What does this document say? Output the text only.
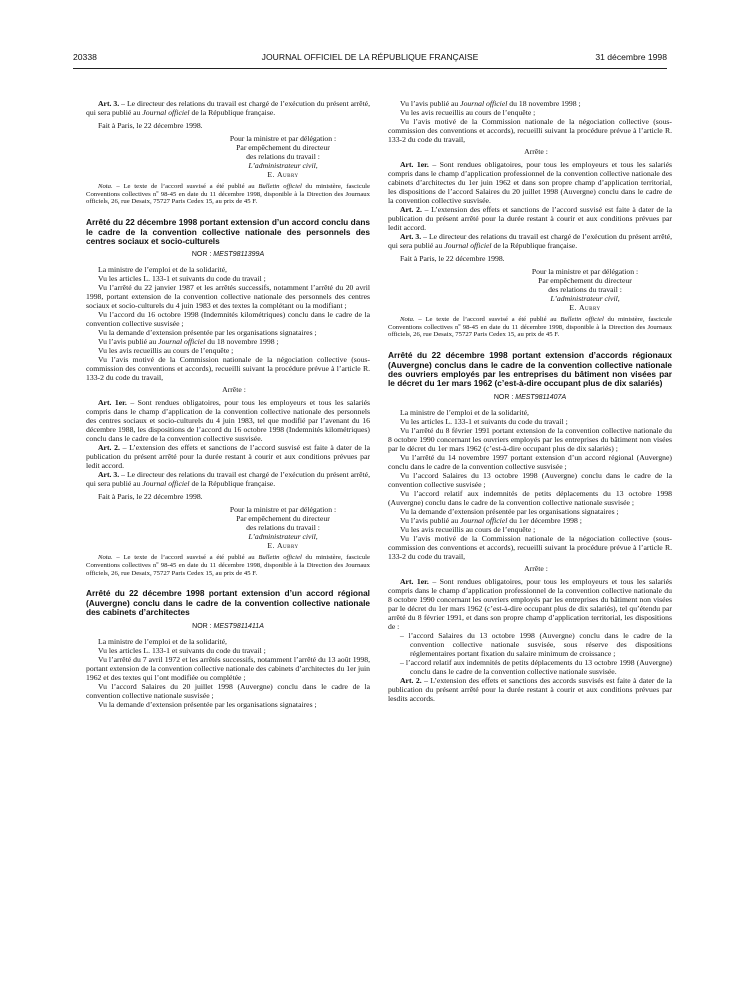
20338	JOURNAL OFFICIEL DE LA RÉPUBLIQUE FRANÇAISE	31 décembre 1998

Art. 3. – Le directeur des relations du travail est chargé de l’exécution du présent arrêté, qui sera publié au Journal officiel de la République française.

Fait à Paris, le 22 décembre 1998.

Pour la ministre et par délégation :
Par empêchement du directeur
des relations du travail :
L’administrateur civil,
E. Aubry

Nota. – Le texte de l’accord susvisé a été publié au Bulletin officiel du ministère, fascicule Conventions collectives nº 98-45 en date du 11 décembre 1998, disponible à la Direction des Journaux officiels, 26, rue Desaix, 75727 Paris Cedex 15, au prix de 45 F.

Arrêté du 22 décembre 1998 portant extension d’un accord conclu dans le cadre de la convention collective nationale des personnels des centres sociaux et socio-culturels
NOR : MEST9811399A

La ministre de l’emploi et de la solidarité,

Vu les articles L. 133-1 et suivants du code du travail ;

Vu l’arrêté du 22 janvier 1987 et les arrêtés successifs, notamment l’arrêté du 20 avril 1998, portant extension de la convention collective nationale des personnels des centres sociaux et socio-culturels du 4 juin 1983 et des textes la complétant ou la modifiant ;

Vu l’accord du 16 octobre 1998 (Indemnités kilométriques) conclu dans le cadre de la convention collective susvisée ;

Vu la demande d’extension présentée par les organisations signataires ;

Vu l’avis publié au Journal officiel du 18 novembre 1998 ;

Vu les avis recueillis au cours de l’enquête ;

Vu l’avis motivé de la Commission nationale de la négociation collective (sous-commission des conventions et accords), recueilli suivant la procédure prévue à l’article R. 133-2 du code du travail,

Arrête :

Art. 1er. – Sont rendues obligatoires, pour tous les employeurs et tous les salariés compris dans le champ d’application de la convention collective nationale des personnels des centres sociaux et socio-culturels du 4 juin 1983, tel que modifié par l’avenant du 16 décembre 1988, les dispositions de l’accord du 16 octobre 1998 (Indemnités kilométriques) conclu dans le cadre de la convention collective susvisée.

Art. 2. – L’extension des effets et sanctions de l’accord susvisé est faite à dater de la publication du présent arrêté pour la durée restant à courir et aux conditions prévues par ledit accord.

Art. 3. – Le directeur des relations du travail est chargé de l’exécution du présent arrêté, qui sera publié au Journal officiel de la République française.

Fait à Paris, le 22 décembre 1998.

Pour la ministre et par délégation :
Par empêchement du directeur
des relations du travail :
L’administrateur civil,
E. Aubry

Nota. – Le texte de l’accord susvisé a été publié au Bulletin officiel du ministère, fascicule Conventions collectives nº 98-45 en date du 11 décembre 1998, disponible à la Direction des Journaux officiels, 26, rue Desaix, 75727 Paris Cedex 15, au prix de 45 F.

Arrêté du 22 décembre 1998 portant extension d’un accord régional (Auvergne) conclu dans le cadre de la convention collective nationale des cabinets d’architectes
NOR : MEST9811411A

La ministre de l’emploi et de la solidarité,

Vu les articles L. 133-1 et suivants du code du travail ;

Vu l’arrêté du 7 avril 1972 et les arrêtés successifs, notamment l’arrêté du 13 août 1998, portant extension de la convention collective nationale des cabinets d’architectes du 1er juin 1962 et des textes qui l’ont modifiée ou complétée ;

Vu l’accord Salaires du 20 juillet 1998 (Auvergne) conclu dans le cadre de la convention collective nationale susvisée ;

Vu la demande d’extension présentée par les organisations signataires ;

Vu l’avis publié au Journal officiel du 18 novembre 1998 ;

Vu les avis recueillis au cours de l’enquête ;

Vu l’avis motivé de la Commission nationale de la négociation collective (sous-commission des conventions et accords), recueilli suivant la procédure prévue à l’article R. 133-2 du code du travail,

Arrête :

Art. 1er. – Sont rendues obligatoires, pour tous les employeurs et tous les salariés compris dans le champ d’application professionnel de la convention collective nationale des cabinets d’architectes du 1er juin 1962 et dans son propre champ d’application territorial, les dispositions de l’accord Salaires du 20 juillet 1998 (Auvergne) conclu dans le cadre de la convention collective susvisée.

Art. 2. – L’extension des effets et sanctions de l’accord susvisé est faite à dater de la publication du présent arrêté pour la durée restant à courir et aux conditions prévues par ledit accord.

Art. 3. – Le directeur des relations du travail est chargé de l’exécution du présent arrêté, qui sera publié au Journal officiel de la République française.

Fait à Paris, le 22 décembre 1998.

Pour la ministre et par délégation :
Par empêchement du directeur
des relations du travail :
L’administrateur civil,
E. Aubry

Nota. – Le texte de l’accord susvisé a été publié au Bulletin officiel du ministère, fascicule Conventions collectives nº 98-45 en date du 11 décembre 1998, disponible à la Direction des Journaux officiels, 26, rue Desaix, 75727 Paris Cedex 15, au prix de 45 F.

Arrêté du 22 décembre 1998 portant extension d’accords régionaux (Auvergne) conclus dans le cadre de la convention collective nationale des ouvriers employés par les entreprises du bâtiment non visées par le décret du 1er mars 1962 (c’est-à-dire occupant plus de dix salariés)
NOR : MEST9811407A

La ministre de l’emploi et de la solidarité,

Vu les articles L. 133-1 et suivants du code du travail ;

Vu l’arrêté du 8 février 1991 portant extension de la convention collective nationale du 8 octobre 1990 concernant les ouvriers employés par les entreprises du bâtiment non visées par le décret du 1er mars 1962 (c’est-à-dire occupant plus de dix salariés) ;

Vu l’arrêté du 14 novembre 1997 portant extension d’un accord régional (Auvergne) conclu dans le cadre de la convention collective susvisée ;

Vu l’accord Salaires du 13 octobre 1998 (Auvergne) conclu dans le cadre de la convention collective susvisée ;

Vu l’accord relatif aux indemnités de petits déplacements du 13 octobre 1998 (Auvergne) conclu dans le cadre de la convention collective nationale susvisée ;

Vu la demande d’extension présentée par les organisations signataires ;

Vu l’avis publié au Journal officiel du 1er décembre 1998 ;

Vu les avis recueillis au cours de l’enquête ;

Vu l’avis motivé de la Commission nationale de la négociation collective (sous-commission des conventions et accords), recueilli suivant la procédure prévue à l’article R. 133-2 du code du travail,

Arrête :

Art. 1er. – Sont rendues obligatoires, pour tous les employeurs et tous les salariés compris dans le champ d’application professionnel de la convention collective nationale du 8 octobre 1990 concernant les ouvriers employés par les entreprises du bâtiment non visées par le décret du 1er mars 1962 (c’est-à-dire occupant plus de dix salariés), tel qu’étendu par arrêté du 8 février 1991, et dans son propre champ d’application territorial, les dispositions de :

– l’accord Salaires du 13 octobre 1998 (Auvergne) conclu dans le cadre de la convention collective nationale susvisée, sous réserve des dispositions réglementaires portant fixation du salaire minimum de croissance ;
– l’accord relatif aux indemnités de petits déplacements du 13 octobre 1998 (Auvergne) conclu dans le cadre de la convention collective nationale susvisée.

Art. 2. – L’extension des effets et sanctions des accords susvisés est faite à dater de la publication du présent arrêté pour la durée restant à courir et aux conditions prévues par lesdits accords.
